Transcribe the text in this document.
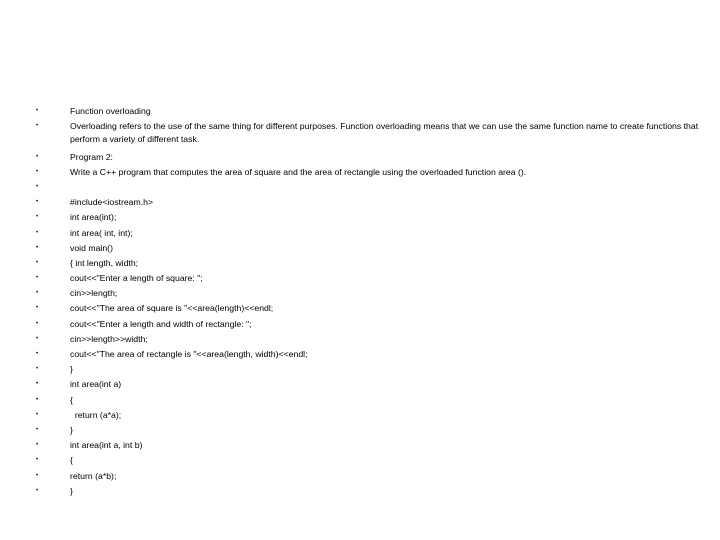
•	Function overloading
•	Overloading refers to the use of the same thing for different purposes. Function overloading means that we can use the same function name to create functions that perform a variety of different task.
•	Program 2:
•	Write a C++ program that computes the area of square and the area of rectangle using the overloaded function area ().
•
•	#include<iostream.h>
•	int area(int);
•	int area( int, int);
•	void main()
•	{ int length, width;
•	cout<<"Enter a length of square: ";
•	cin>>length;
•	cout<<"The area of square is "<<area(length)<<endl;
•	cout<<"Enter a length and width of rectangle: ";
•	cin>>length>>width;
•	cout<<"The area of rectangle is "<<area(length, width)<<endl;
•	}
•	int area(int a)
•	{
•	return (a*a);
•	}
•	int area(int a, int b)
•	{
•	return (a*b);
•	}
